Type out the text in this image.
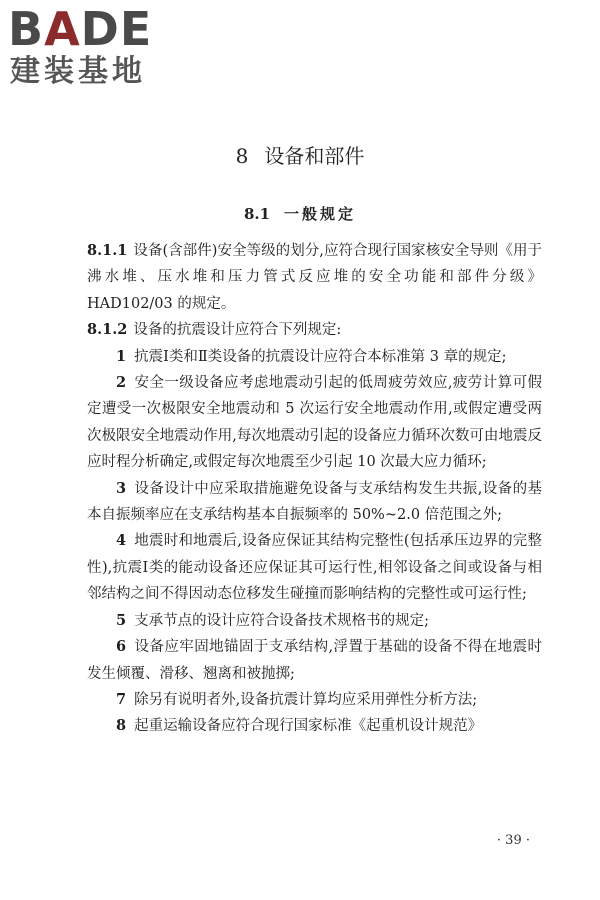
BADE
建装基地
8 设备和部件
8.1 一般规定

8.1.1 设备(含部件)安全等级的划分,应符合现行国家核安全导则《用于沸水堆、压水堆和压力管式反应堆的安全功能和部件分级》HAD102/03 的规定。

8.1.2 设备的抗震设计应符合下列规定:

1 抗震Ⅰ类和Ⅱ类设备的抗震设计应符合本标准第 3 章的规定;

2 安全一级设备应考虑地震动引起的低周疲劳效应,疲劳计算可假定遭受一次极限安全地震动和 5 次运行安全地震动作用,或假定遭受两次极限安全地震动作用,每次地震动引起的设备应力循环次数可由地震反应时程分析确定,或假定每次地震至少引起 10 次最大应力循环;

3 设备设计中应采取措施避免设备与支承结构发生共振,设备的基本自振频率应在支承结构基本自振频率的 50%~2.0 倍范围之外;

4 地震时和地震后,设备应保证其结构完整性(包括承压边界的完整性),抗震Ⅰ类的能动设备还应保证其可运行性,相邻设备之间或设备与相邻结构之间不得因动态位移发生碰撞而影响结构的完整性或可运行性;

5 支承节点的设计应符合设备技术规格书的规定;

6 设备应牢固地锚固于支承结构,浮置于基础的设备不得在地震时发生倾覆、滑移、翘离和被抛掷;

7 除另有说明者外,设备抗震计算均应采用弹性分析方法;

8 起重运输设备应符合现行国家标准《起重机设计规范》

· 39 ·
